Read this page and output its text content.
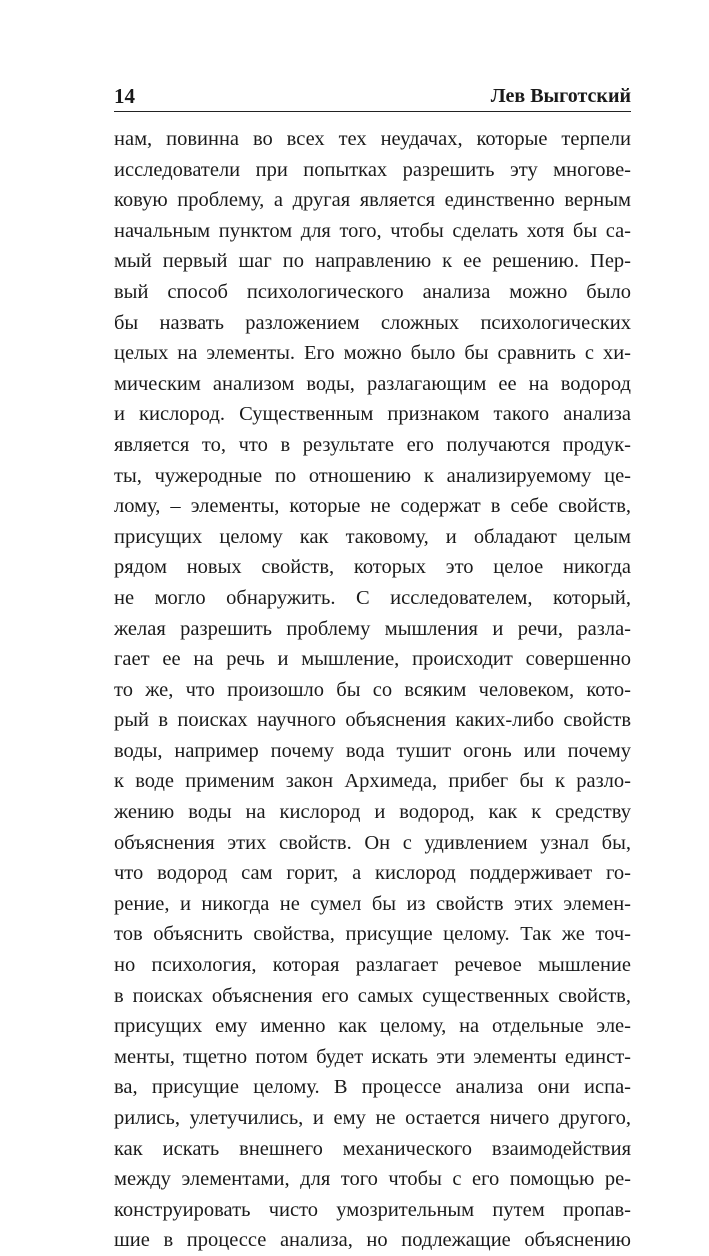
14	Лев Выготский
нам, повинна во всех тех неудачах, которые терпели
исследователи при попытках разрешить эту многове-
ковую проблему, а другая является единственно верным
начальным пунктом для того, чтобы сделать хотя бы са-
мый первый шаг по направлению к ее решению. Пер-
вый способ психологического анализа можно было
бы назвать разложением сложных психологических
целых на элементы. Его можно было бы сравнить с хи-
мическим анализом воды, разлагающим ее на водород
и кислород. Существенным признаком такого анализа
является то, что в результате его получаются продук-
ты, чужеродные по отношению к анализируемому це-
лому, – элементы, которые не содержат в себе свойств,
присущих целому как таковому, и обладают целым
рядом новых свойств, которых это целое никогда
не могло обнаружить. С исследователем, который,
желая разрешить проблему мышления и речи, разла-
гает ее на речь и мышление, происходит совершенно
то же, что произошло бы со всяким человеком, кото-
рый в поисках научного объяснения каких-либо свойств
воды, например почему вода тушит огонь или почему
к воде применим закон Архимеда, прибег бы к разло-
жению воды на кислород и водород, как к средству
объяснения этих свойств. Он с удивлением узнал бы,
что водород сам горит, а кислород поддерживает го-
рение, и никогда не сумел бы из свойств этих элемен-
тов объяснить свойства, присущие целому. Так же точ-
но психология, которая разлагает речевое мышление
в поисках объяснения его самых существенных свойств,
присущих ему именно как целому, на отдельные эле-
менты, тщетно потом будет искать эти элементы единст-
ва, присущие целому. В процессе анализа они испа-
рились, улетучились, и ему не остается ничего другого,
как искать внешнего механического взаимодействия
между элементами, для того чтобы с его помощью ре-
конструировать чисто умозрительным путем пропав-
шие в процессе анализа, но подлежащие объяснению
